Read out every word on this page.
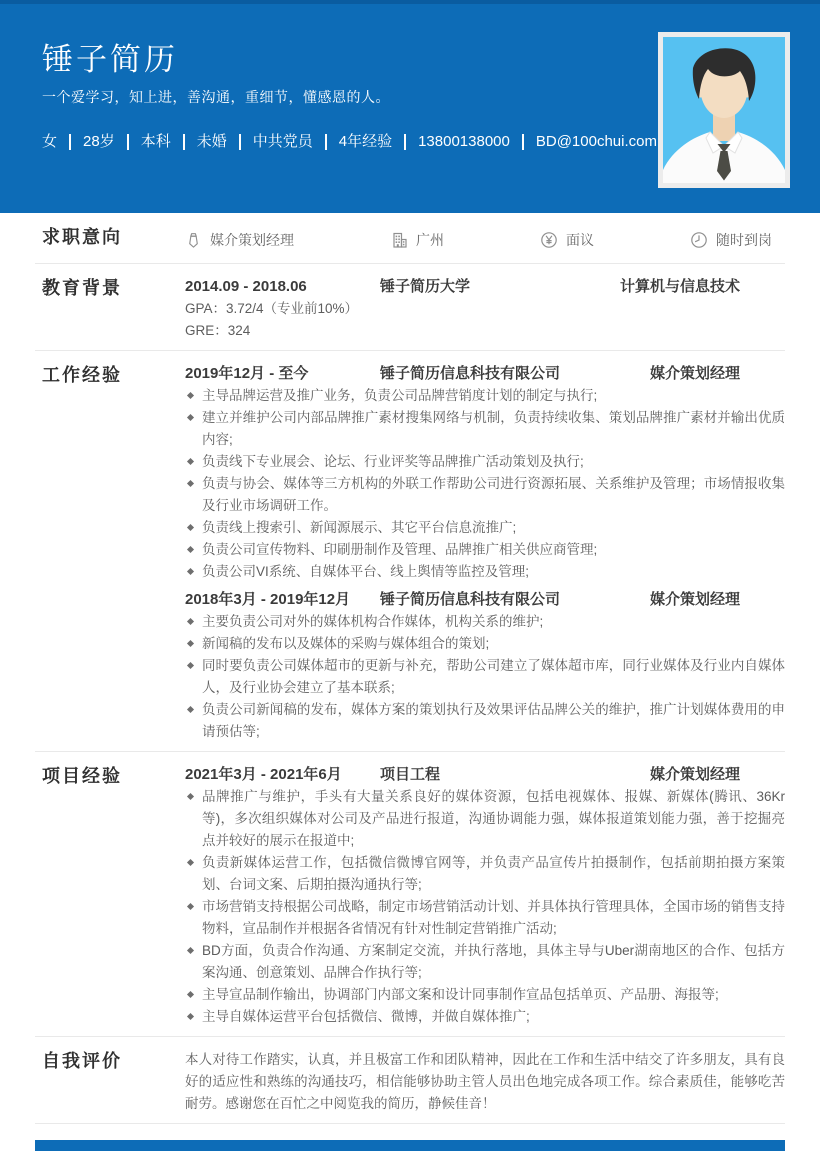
锤子简历

一个爱学习，知上进，善沟通，重细节，懂感恩的人。

女	28岁	本科	未婚	中共党员	4年经验	13800138000	BD@100chui.com
求职意向	媒介策划经理	广州	面议	随时到岗
教育背景	2014.09 - 2018.06	锤子简历大学	计算机与信息技术

GPA：3.72/4（专业前10%）

GRE：324

工作经验	2019年12月 - 至今	锤子简历信息科技有限公司	媒介策划经理
主导品牌运营及推广业务，负责公司品牌营销度计划的制定与执行;
建立并维护公司内部品牌推广素材搜集网络与机制，负责持续收集、策划品牌推广素材并输出优质内容;
负责线下专业展会、论坛、行业评奖等品牌推广活动策划及执行;
负责与协会、媒体等三方机构的外联工作帮助公司进行资源拓展、关系维护及管理；市场情报收集及行业市场调研工作。
负责线上搜索引、新闻源展示、其它平台信息流推广;
负责公司宣传物料、印刷册制作及管理、品牌推广相关供应商管理;
负责公司VI系统、自媒体平台、线上舆情等监控及管理;
2018年3月 - 2019年12月	锤子简历信息科技有限公司	媒介策划经理
主要负责公司对外的媒体机构合作媒体，机构关系的维护;
新闻稿的发布以及媒体的采购与媒体组合的策划;
同时要负责公司媒体超市的更新与补充，帮助公司建立了媒体超市库，同行业媒体及行业内自媒体人，及行业协会建立了基本联系;
负责公司新闻稿的发布，媒体方案的策划执行及效果评估品牌公关的维护，推广计划媒体费用的申请预估等;
项目经验	2021年3月 - 2021年6月	项目工程	媒介策划经理
品牌推广与维护，手头有大量关系良好的媒体资源，包括电视媒体、报媒、新媒体(腾讯、36Kr等)，多次组织媒体对公司及产品进行报道，沟通协调能力强，媒体报道策划能力强，善于挖掘亮点并较好的展示在报道中;
负责新媒体运营工作，包括微信微博官网等，并负责产品宣传片拍摄制作，包括前期拍摄方案策划、台词文案、后期拍摄沟通执行等;
市场营销支持根据公司战略，制定市场营销活动计划、并具体执行管理具体，全国市场的销售支持物料，宣品制作并根据各省情况有针对性制定营销推广活动;
BD方面，负责合作沟通、方案制定交流，并执行落地，具体主导与Uber湖南地区的合作、包括方案沟通、创意策划、品牌合作执行等;
主导宣品制作输出，协调部门内部文案和设计同事制作宣品包括单页、产品册、海报等;
主导自媒体运营平台包括微信、微博，并做自媒体推广;
自我评价	本人对待工作踏实，认真，并且极富工作和团队精神，因此在工作和生活中结交了许多朋友，具有良好的适应性和熟练的沟通技巧，相信能够协助主管人员出色地完成各项工作。综合素质佳，能够吃苦耐劳。感谢您在百忙之中阅览我的简历，静候佳音！
